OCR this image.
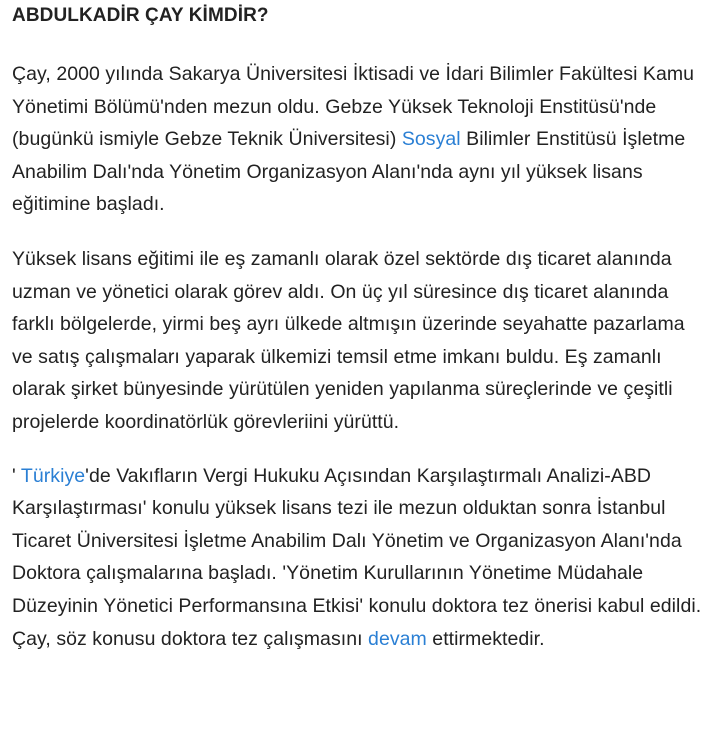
ABDULKADİR ÇAY KİMDİR?

Çay, 2000 yılında Sakarya Üniversitesi İktisadi ve İdari Bilimler Fakültesi Kamu Yönetimi Bölümü'nden mezun oldu. Gebze Yüksek Teknoloji Enstitüsü'nde (bugünkü ismiyle Gebze Teknik Üniversitesi) Sosyal Bilimler Enstitüsü İşletme Anabilim Dalı'nda Yönetim Organizasyon Alanı'nda aynı yıl yüksek lisans eğitimine başladı.

Yüksek lisans eğitimi ile eş zamanlı olarak özel sektörde dış ticaret alanında uzman ve yönetici olarak görev aldı. On üç yıl süresince dış ticaret alanında farklı bölgelerde, yirmi beş ayrı ülkede altmışın üzerinde seyahatte pazarlama ve satış çalışmaları yaparak ülkemizi temsil etme imkanı buldu. Eş zamanlı olarak şirket bünyesinde yürütülen yeniden yapılanma süreçlerinde ve çeşitli projelerde koordinatörlük görevleriini yürüttü.

' Türkiye'de Vakıfların Vergi Hukuku Açısından Karşılaştırmalı Analizi-ABD Karşılaştırması' konulu yüksek lisans tezi ile mezun olduktan sonra İstanbul Ticaret Üniversitesi İşletme Anabilim Dalı Yönetim ve Organizasyon Alanı'nda Doktora çalışmalarına başladı. 'Yönetim Kurullarının Yönetime Müdahale Düzeyinin Yönetici Performansına Etkisi' konulu doktora tez önerisi kabul edildi. Çay, söz konusu doktora tez çalışmasını devam ettirmektedir.
